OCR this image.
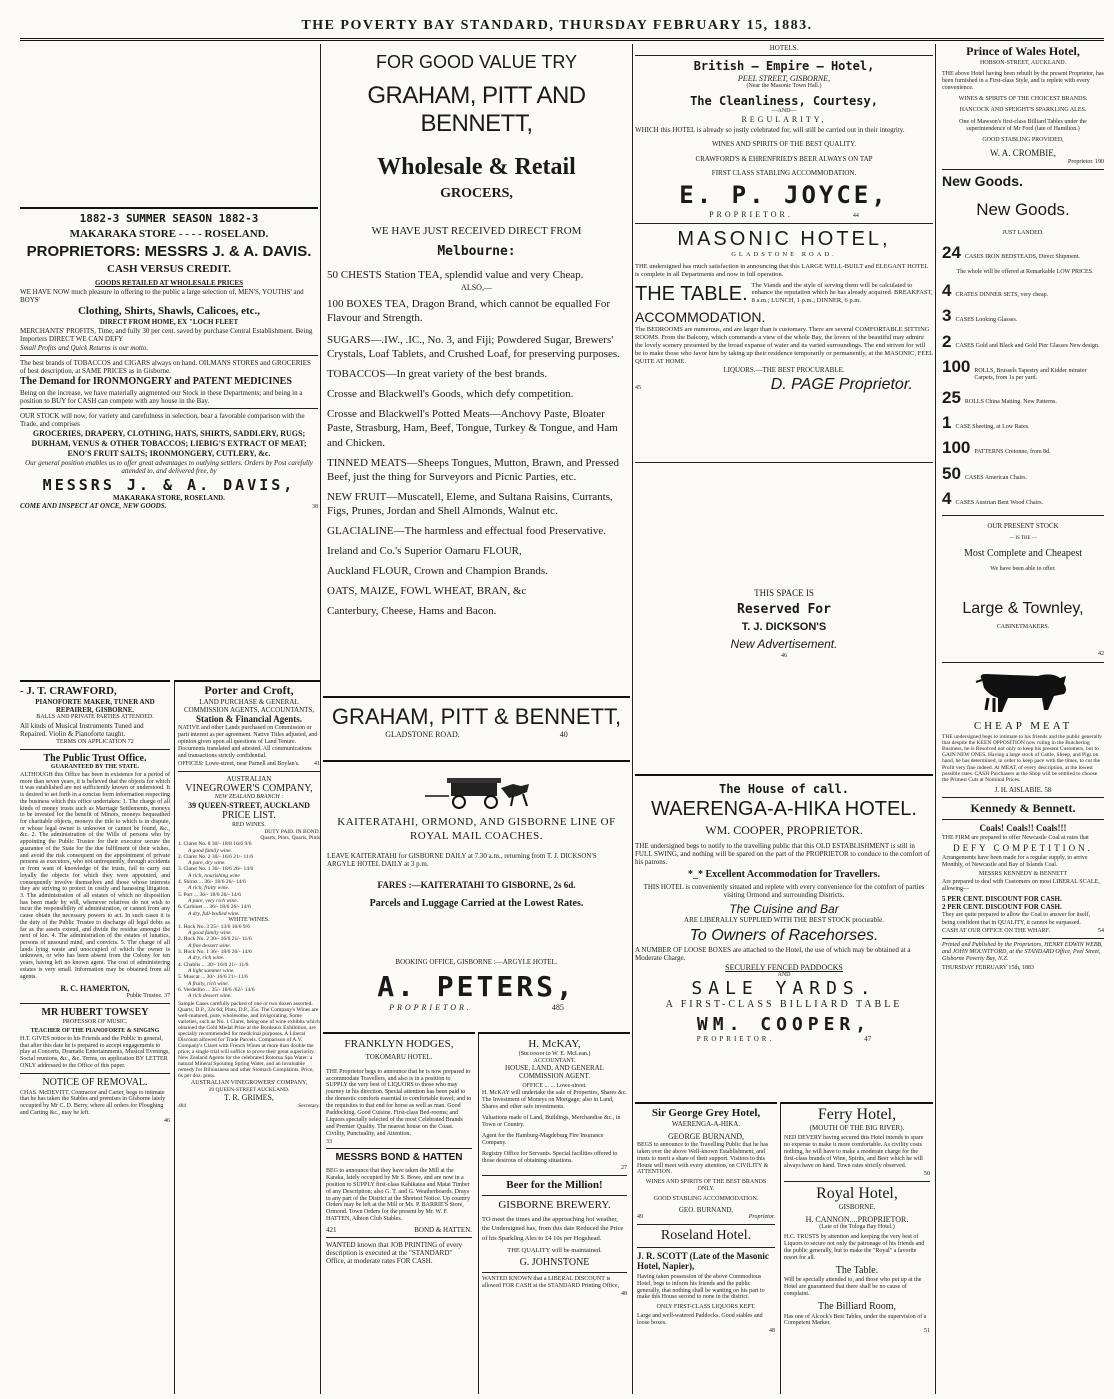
THE POVERTY BAY STANDARD, THURSDAY FEBRUARY 15, 1883.
1882-3 SUMMER SEASON 1882-3
MAKARAKA STORE - - - - ROSELAND.
PROPRIETORS: MESSRS J. & A. DAVIS.
CASH VERSUS CREDIT.
GOODS RETAILED AT WHOLESALE PRICES

WE HAVE NOW much pleasure in offering to the public a large selection of, MEN'S, YOUTHS' and BOYS'

Clothing, Shirts, Shawls, Calicoes, etc.,
DIRECT FROM HOME, EX "LOCH FLEET

MERCHANTS' PROFITS, Time, and fully 30 per cent. saved by purchase Central Establishment. Being Importers DIRECT WE CAN DEFY

Small Profits and Quick Returns is our motto.

The best brands of TOBACCOS and CIGARS always on hand. OILMANS STORES and GROCERIES of best description, at SAME PRICES as in Gisborne.

The Demand for IRONMONGERY and PATENT MEDICINES

Being on the increase, we have materially augmented our Stock in these Departments; and being in a position to BUY for CASH can compete with any house in the Bay.

OUR STOCK will now, for variety and carefulness in selection, bear a favorable comparison with the Trade, and comprises

GROCERIES, DRAPERY, CLOTHING, HATS, SHIRTS, SADDLERY, RUGS; DURHAM, VENUS & OTHER TOBACCOS; LIEBIG'S EXTRACT OF MEAT; ENO'S FRUIT SALTS; IRONMONGERY, CUTLERY, &c.

Our general position enables us to offer great advantages to outlying settlers. Orders by Post carefully attended to, and delivered free, by

MESSRS J. & A. DAVIS,
MAKARAKA STORE, ROSELAND.
COME AND INSPECT AT ONCE, NEW GOODS.	38
- J. T. CRAWFORD,
PIANOFORTE MAKER, TUNER AND REPAIRER, GISBORNE.
BALLS AND PRIVATE PARTIES ATTENDED.

All kinds of Musical Instruments Tuned and Repaired. Violin & Pianoforte taught.

TERMS ON APPLICATION 72
The Public Trust Office.
GUARANTEED BY THE STATE.

ALTHOUGH this Office has been in existence for a period of more than seven years, it is believed that the objects for which it was established are not sufficiently known or understood. It is desired to set forth in a concise form information respecting the business which this office undertakes: 1. The charge of all kinds of money trusts such as Marriage Settlements, moneys to be invested for the benefit of Minors, moneys bequeathed for charitable objects, moneys the title to which is in dispute, or whose legal owner is unknown or cannot be found, &c., &c. 2. The administration of the Wills of persons who by appointing the Public Trustee for their executor secure the guarantee of the State for the due fulfilment of their wishes, and avoid the risk consequent on the appointment of private persons as executors, who not unfrequently, through accidents or from want of knowledge of the trusts, fail to carry out loyally the objects for which they were appointed, and consequently involve themselves and those whose interests they are striving to protect in costly and harassing litigation. 3. The administration of all estates of which no disposition has been made by will, whenever relatives do not wish to incur the responsibility of administration, or cannot from any cause obtain the necessary powers to act. In such cases it is the duty of the Public Trustee to discharge all legal debts as far as the assets extend, and divide the residue amongst the next of kin. 4. The administration of the estates of lunatics, persons of unsound mind, and convicts. 5. The charge of all lands lying waste and unoccupied of which the owner is unknown, or who has been absent from the Colony for ten years, having left no known agent. The cost of administering estates is very small. Information may be obtained from all agents.

R. C. HAMERTON,
Public Trustee. 37
MR HUBERT TOWSEY
PROFESSOR OF MUSIC.
TEACHER OF THE PIANOFORTE & SINGING

H.T. GIVES notice to his Friends and the Public in general, that after this date he is prepared to accept engagements to play at Concerts, Dramatic Entertainments, Musical Evenings, Social reunions, &c., &c. Terms, on application BY LETTER ONLY addressed to the Office of this paper.

NOTICE OF REMOVAL.

CHAS. McDEVITT, Contractor and Carter, begs to intimate that he has taken the Stables and premises in Gisborne lately occupied by Mr C. D. Berry, where all orders for Ploughing and Carting &c., may be left.

46
Porter and Croft,
LAND PURCHASE & GENERAL COMMISSION AGENTS, ACCOUNTANTS,
Station & Financial Agents.

NATIVE and other Lands purchased on Commission or parti interest as per agreement. Native Titles adjusted, and opinion given upon all questions of Land Tenure. Documents translated and attested. All communications and transactions strictly confidential.

OFFICES: Lowe-street, near Parnell and Boylan's. 41
AUSTRALIAN
VINEGROWER'S COMPANY,
NEW ZEALAND BRANCH :
39 QUEEN-STREET, AUCKLAND
PRICE LIST.
RED WINES.
DUTY PAID. IN BOND.
Quarts, Pints, Quarts, Pints
1. Claret No. 8 30/- 18/8 16/6 9/6
A good family wine.
2. Claret No. 2 30/- 16/6 21/- 11/6
A pure, dry wine.
3. Claret No. 1 36/- 18/6 26/- 14/6
A rich, nourishing wine
4. Shiraz ... 36/- 18/6 26/- 14/6
A rich, fruity wine.
5. Port ... 36/- 18/6 26/- 14/6
A pure, very rich wine.
6. Carbinet ... 36/- 18/6 26/- 14/6
A dry, full-bodied wine.
WHITE WINES.
1. Hock No. 3 25/- 13/6 16/6 9/6
A good family wine.
2. Hock No. 2 30/- 16/6 21/- 11/6
A fine dessert wine.
3. Hock No. 1 36/- 18/6 26/- 14/6
A dry, rich wine.
4. Chablis ... 30/- 16/6 21/- 11/6
A light summer wine.
5. Muscat ... 30/- 16/6 21/- 11/6
A fruity, rich wine.
6. Verdeilho ... 35/- 18/6 /62/- 14/6
A rich dessert wine.

Sample Cases carefully packed of one or two dozen assorted. Quarts, D.P., 32s 6d; Pints, D.P., 35s. The Company's Wines are well-matured, pure, wholesome, and invigorating. Some varieties, such as No. 1 Claret, being one of wine exhibits which obtained the Gold Medal Prize at the Bordeaux Exhibition, are specially recommended for medicinal purposes. A Liberal Discount allowed for Trade Parcels. Comparison of A.V. Company's Claret with French Wines at more than double the price; a single trial will suffice to prove their great superiority. New Zealand Agents for the celebrated Rotorua Spa Water: a natural Mineral Spouting Spring Water, and an invaluable remedy for Biliousness and other Stomach Complaints. Price, 6s per doz. pints.

AUSTRALIAN VINEGROWERS' COMPANY,
39 QUEEN-STREET AUCKLAND.
T. R. GRIMES,
484	Secretary.
FOR GOOD VALUE TRY
GRAHAM, PITT AND BENNETT,
Wholesale & Retail
GROCERS,
WE HAVE JUST RECEIVED DIRECT FROM
Melbourne:

50 CHESTS Station TEA, splendid value and very Cheap.

ALSO,—

100 BOXES TEA, Dragon Brand, which cannot be equalled For Flavour and Strength.

SUGARS—.IW., .IC., No. 3, and Fiji; Powdered Sugar, Brewers' Crystals, Loaf Tablets, and Crushed Loaf, for preserving purposes.

TOBACCOS—In great variety of the best brands.

Crosse and Blackwell's Goods, which defy competition.

Crosse and Blackwell's Potted Meats—Anchovy Paste, Bloater Paste, Strasburg, Ham, Beef, Tongue, Turkey & Tongue, and Ham and Chicken.

TINNED MEATS—Sheeps Tongues, Mutton, Brawn, and Pressed Beef, just the thing for Surveyors and Picnic Parties, etc.

NEW FRUIT—Muscatell, Eleme, and Sultana Raisins, Currants, Figs, Prunes, Jordan and Shell Almonds, Walnut etc.

GLACIALINE—The harmless and effectual food Preservative.

Ireland and Co.'s Superior Oamaru FLOUR,

Auckland FLOUR, Crown and Champion Brands.

OATS, MAIZE, FOWL WHEAT, BRAN, &c

Canterbury, Cheese, Hams and Bacon.

GRAHAM, PITT & BENNETT,
GLADSTONE ROAD.	40
KAITERATAHI, ORMOND, AND GISBORNE LINE OF ROYAL MAIL COACHES.

LEAVE KAITERATAHI for GISBORNE DAILY at 7.30 a.m., returning from T. J. DICKSON'S ARGYLE HOTEL DAILY at 3 p.m.

FARES :—KAITERATAHI TO GISBORNE, 2s 6d.
Parcels and Luggage Carried at the Lowest Rates.
BOOKING OFFICE, GISBORNE :—ARGYLE HOTEL.
A. PETERS,
PROPRIETOR.	485
FRANKLYN HODGES,
TOKOMARU HOTEL.

THE Proprietor begs to announce that he is now prepared to accommodate Travellers, and also is in a position to SUPPLY the very best of LIQUORS to those who may journey in his direction. Special attention has been paid to the domestic comforts essential to comfortable travel; and to the requisites to that end for horse as well as man. Good Paddocking. Good Cuisine. First-class Bed-rooms; and Liquors specially selected of the most Celebrated Brands and Premier Quality. The nearest house on the Coast. Civility, Punctuality, and Attention.

33
MESSRS BOND & HATTEN

BEG to announce that they have taken the Mill at the Karaka, lately occupied by Mr S. Bowe, and are now in a position to SUPPLY first-class Kahikatea and Matai Timber of any Description; also G. T. and G. Weatherboards. Drays to any part of the District at the Shortest Notice. Up country Orders may be left at the Mill or Ms. P. BARRIE'S Store, Ormond. Town Orders for the present by Mr. W. F. HATTEN, Albion Club Stables.

421	BOND & HATTEN.

WANTED known that JOB PRINTING of every description is executed at the "STANDARD" Office, at moderate rates FOR CASH.

H. McKAY,
(Successor to W. E. McLean.)
ACCOUNTANT.
HOUSE, LAND, AND GENERAL COMMISSION AGENT.
OFFICE ... ... Lowe-street.

H. McKAY will undertake the sale of Properties, Shares &c. The Investment of Moneys on Mortgage; also in Land, Shares and other safe investments.

Valuations made of Land, Buildings, Merchandise &c., in Town or Country.

Agent for the Hamburg-Magdeburg Fire Insurance Company.

Registry Office for Servants. Special facilities offered to those desirous of obtaining situations.

27
Beer for the Million!
GISBORNE BREWERY.

TO meet the times and the approaching hot weather, the Undersigned has, from this date Reduced the Price of his Sparkling Ales to £4 10s per Hogshead.

THE QUALITY will be maintained.
G. JOHNSTONE

WANTED KNOWN that a LIBERAL DISCOUNT is allowed FOR CASH at the STANDARD Printing Office,

48
HOTELS.
British — Empire — Hotel,
PEEL STREET, GISBORNE,
(Near the Masonic Town Hall.)
The Cleanliness, Courtesy,
—AND—
REGULARITY,

WHICH this HOTEL is already so justly celebrated for, will still be carried out in their integrity.

WINES AND SPIRITS OF THE BEST QUALITY.
CRAWFORD'S & EHRENFRIED'S BEER ALWAYS ON TAP
FIRST CLASS STABLING ACCOMMODATION.
E. P. JOYCE,
PROPRIETOR.	44
MASONIC HOTEL,
GLADSTONE ROAD.

THE undersigned has much satisfaction in announcing that this LARGE WELL-BUILT and ELEGANT HOTEL is complete in all Departments and now in full operation.

THE TABLE. The Viands and the style of serving them will be calculated to enhance the reputation which he has already acquired. BREAKFAST, 8 a.m.; LUNCH, 1 p.m.; DINNER, 6 p.m.
ACCOMMODATION.

The BEDROOMS are numerous, and are larger than is customary. There are several COMFORTABLE SITTING ROOMS. From the Balcony, which commands a view of the whole Bay, the lovers of the beautiful may admire the lovely scenery presented by the broad expanse of water and its varied surroundings. The end striven for will be to make those who favor him by taking up their residence temporarily or permanently, at the MASONIC, FEEL QUITE AT HOME.

LIQUORS.—THE BEST PROCURABLE.
45	D. PAGE Proprietor.
THIS SPACE IS
Reserved For
T. J. DICKSON'S
New Advertisement.
46
The House of call.
WAERENGA-A-HIKA HOTEL.
WM. COOPER, PROPRIETOR.

THE undersigned begs to notify to the travelling public that this OLD ESTABLISHMENT is still in FULL SWING, and nothing will be spared on the part of the PROPRIETOR to conduce to the comfort of his patrons.

*_* Excellent Accommodation for Travellers.

THIS HOTEL is conveniently situated and replete with every convenience for the comfort of parties visiting Ormond and surrounding Districts.

The Cuisine and Bar
ARE LIBERALLY SUPPLIED WITH THE BEST STOCK procurable.
To Owners of Racehorses.

A NUMBER OF LOOSE BOXES are attached to the Hotel, the use of which may be obtained at a Moderate Charge.

SECURELY FENCED PADDOCKS
AND
SALE YARDS.
A FIRST-CLASS BILLIARD TABLE
WM. COOPER,
PROPRIETOR.	47
Sir George Grey Hotel,
WAERENGA-A-HIKA.
GEORGE BURNAND,

BEGS to announce to the Travelling Public that he has taken over the above Well-known Establishment, and trusts to merit a share of their support. Visitors to this House will meet with every attention, on CIVILITY & ATTENTION.

WINES AND SPIRITS OF THE BEST BRANDS ONLY.
GOOD STABLING ACCOMMODATION.
GEO. BURNAND,
49	Proprietor.
Roseland Hotel.
J. R. SCOTT (Late of the Masonic Hotel, Napier),

Having taken possession of the above Commodious Hotel, begs to inform his friends and the public generally, that nothing shall be wanting on his part to make this House second to none in the district.

ONLY FIRST-CLASS LIQUORS KEPT.

Large and well-watered Paddocks. Good stables and loose boxes.

48
Ferry Hotel,
(MOUTH OF THE BIG RIVER).

NED DEVERY having secured this Hotel intends to spare no expense to make it more comfortable. As civility costs nothing, he will have to make a moderate charge for the first-class brands of Wine, Spirits, and Beer which he will always have on hand. Town rates strictly observed.

50
Royal Hotel,
GISBORNE.
H. CANNON....PROPRIETOR.
(Late of the Tologa Bay Hotel.)

H.C. TRUSTS by attention and keeping the very best of Liquors to secure not only the patronage of his friends and the public generally, but to make the "Royal" a favorite resort for all.

The Table.

Will be specially attended to, and those who put up at the Hotel are guaranteed that there shall be no cause of complaint.

The Billiard Room,

Has one of Alcock's Best Tables, under the supervision of a Competent Marker.

51
Prince of Wales Hotel,
HOBSON-STREET, AUCKLAND.

THE above Hotel having been rebuilt by the present Proprietor, has been furnished in a First-class Style, and is replete with every convenience.

WINES & SPIRITS OF THE CHOICEST BRANDS.
HANCOCK AND SPEIGHT'S SPARKLING ALES.

One of Mawson's first-class Billiard Tables under the superintendence of Mr Ford (late of Hamilton.)

GOOD STABLING PROVIDED,
W. A. CROMBIE,
Proprietor. 190
New Goods.
New Goods.
JUST LANDED.
24 CASES IRON BEDSTEADS, Direct Shipment.
The whole will be offered at Remarkable LOW PRICES.
4 CRATES DINNER SETS, very cheap.
3 CASES Looking Glasses.
2 CASES Gold and Black and Gold Pier Glasses New design.
100 ROLLS, Brussels Tapestry and Kidder minster Carpets, from 1s per yard.
25 ROLLS China Matting. New Patterns.
1 CASE Sheeting, at Low Rates.
100 PATTERNS Cretonne, from 8d.
50 CASES American Chairs.
4 CASES Austrian Bent Wood Chairs.
OUR PRESENT STOCK
— IS THE —
Most Complete and Cheapest
We have been able to offer.
Large & Townley,
CABINETMAKERS.
42
CHEAP MEAT

THE undersigned begs to intimate to his friends and the public generally that despite the KEEN OPPOSITION now ruling in the Butchering Business, he is Resolved not only to keep his present Customers, but to GAIN NEW ONES. Having a large stock of Cattle, Sheep, and Pigs on hand, he has determined, in order to keep pace with the times, to cut the Profit very fine indeed. At MEAT, of every description, at the lowest possible rates. CASH Purchasers at the Shop will be entitled to choose the Primest Cuts at Nominal Prices.

J. H. AISLABIE. 58
Kennedy & Bennett.
Coals! Coals!! Coals!!!

THE FIRM are prepared to offer Newcastle Coal at rates that

DEFY COMPETITION.

Arrangements have been made for a regular supply, to arrive Monthly, of Newcastle and Bay of Islands Coal.

MESSRS KENNEDY & BENNETT

Are prepared to deal with Customers on most LIBERAL SCALE, allowing—

5 PER CENT. DISCOUNT FOR CASH.
2 PER CENT. DISCOUNT FOR CASH.

They are quite prepared to allow the Coal to answer for itself, being confident that in QUALITY, it cannot be surpassed.

CASH AT OUR OFFICE ON THE WHARF.	54

Printed and Published by the Proprietors, HENRY EDWIN WEBB, and JOHN MOUNTFORD, at the STANDARD Office, Peel Street, Gisborne Poverty Bay, N.Z.

THURSDAY FEBRUARY 15th, 1883
